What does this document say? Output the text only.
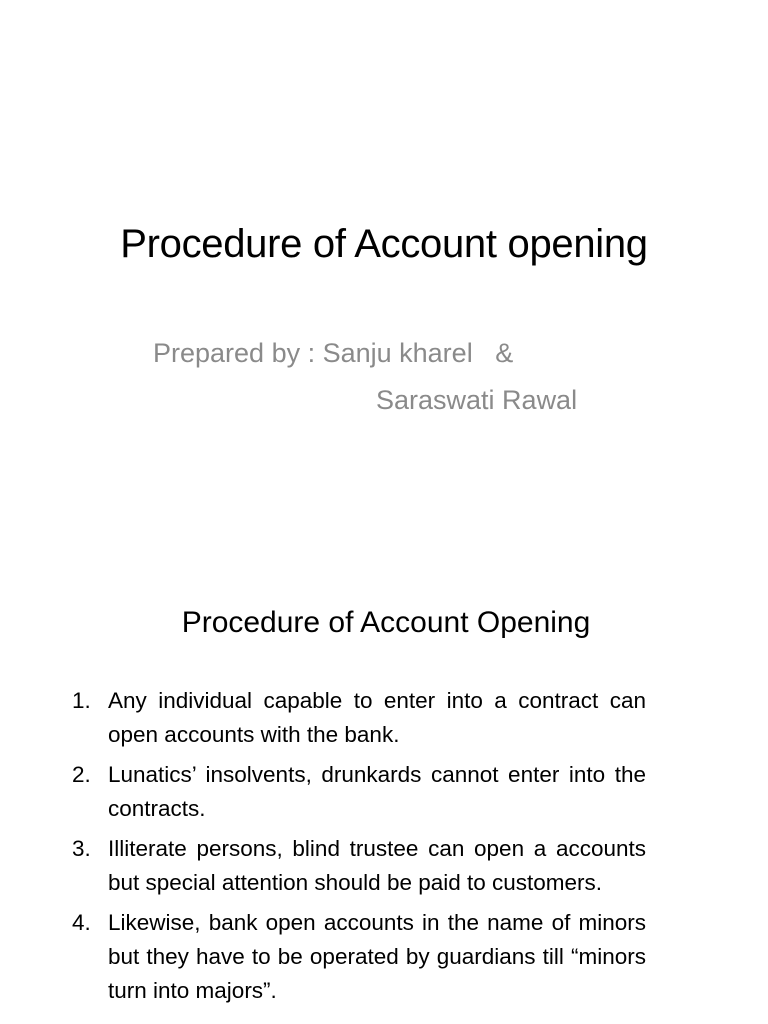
Procedure of Account opening
Prepared by : Sanju kharel   &
Saraswati Rawal
Procedure of Account Opening
1. Any individual capable to enter into a contract can open accounts with the bank.
2. Lunatics’ insolvents, drunkards cannot enter into the contracts.
3. Illiterate persons, blind trustee can open a accounts but special attention should be paid to customers.
4. Likewise, bank open accounts in the name of minors but they have to be operated by guardians till “minors turn into majors”.
